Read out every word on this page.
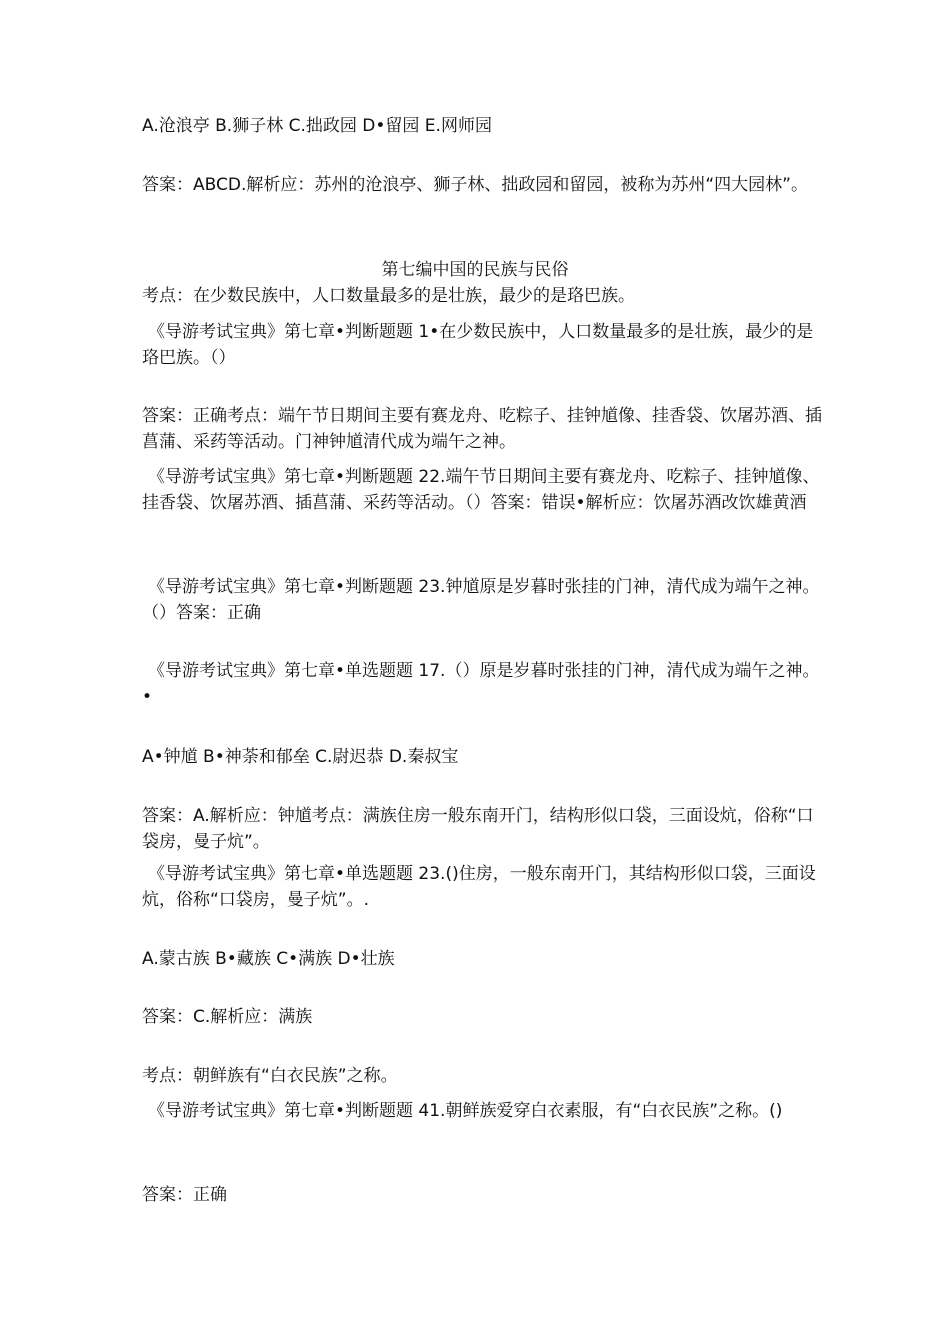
A.沧浪亭 B.狮子林 C.拙政园 D•留园 E.网师园

答案：ABCD.解析应：苏州的沧浪亭、狮子林、拙政园和留园，被称为苏州“四大园林”。

第七编中国的民族与民俗

考点：在少数民族中，人口数量最多的是壮族，最少的是珞巴族。

《导游考试宝典》第七章•判断题题 1•在少数民族中，人口数量最多的是壮族，最少的是珞巴族。（）

答案：正确考点：端午节日期间主要有赛龙舟、吃粽子、挂钟馗像、挂香袋、饮屠苏酒、插菖蒲、采药等活动。门神钟馗清代成为端午之神。

《导游考试宝典》第七章•判断题题 22.端午节日期间主要有赛龙舟、吃粽子、挂钟馗像、挂香袋、饮屠苏酒、插菖蒲、采药等活动。（）答案：错误•解析应：饮屠苏酒改饮雄黄酒

《导游考试宝典》第七章•判断题题 23.钟馗原是岁暮时张挂的门神，清代成为端午之神。（）答案：正确

《导游考试宝典》第七章•单选题题 17.（）原是岁暮时张挂的门神，清代成为端午之神。•

A•钟馗 B•神荼和郁垒 C.尉迟恭 D.秦叔宝

答案：A.解析应：钟馗考点：满族住房一般东南开门，结构形似口袋，三面设炕，俗称“口袋房，曼子炕”。

《导游考试宝典》第七章•单选题题 23.()住房，一般东南开门，其结构形似口袋，三面设炕，俗称“口袋房，曼子炕”。.

A.蒙古族 B•藏族 C•满族 D•壮族

答案：C.解析应：满族

考点：朝鲜族有“白衣民族”之称。

《导游考试宝典》第七章•判断题题 41.朝鲜族爱穿白衣素服，有“白衣民族”之称。()

答案：正确
